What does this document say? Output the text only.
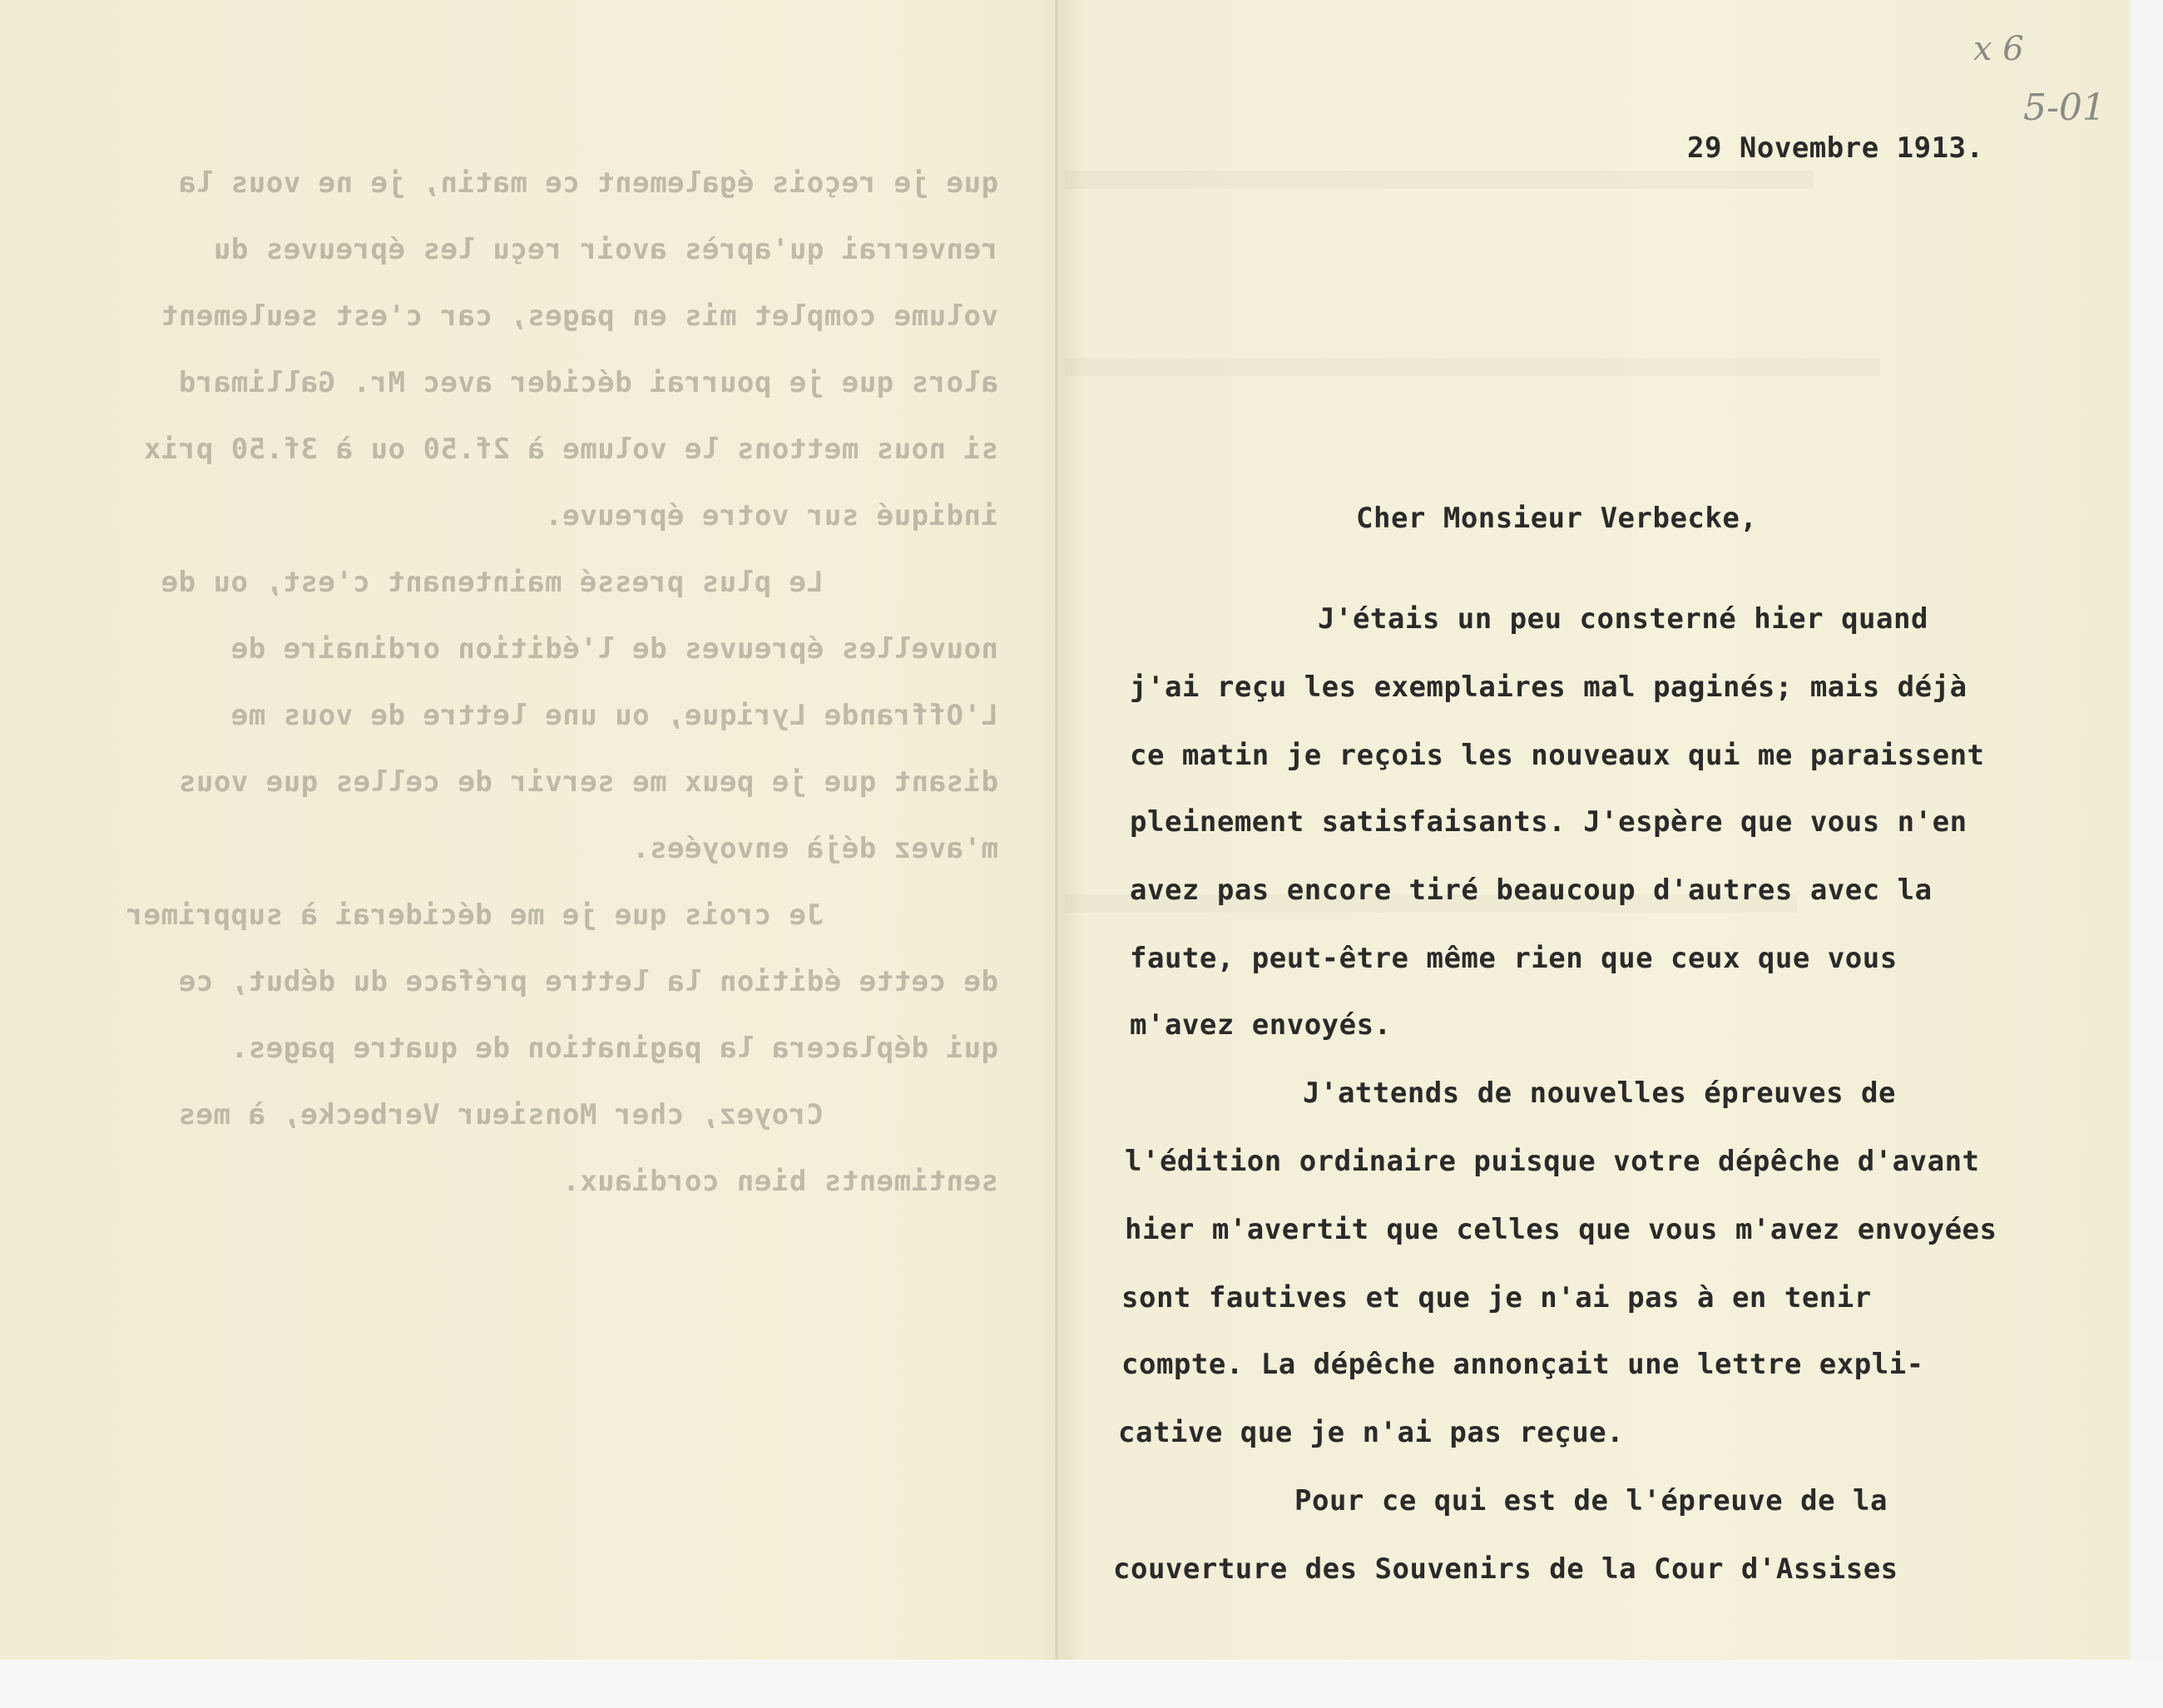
que je reçois également ce matin, je ne vous la
renverrai qu'après avoir reçu les épreuves du
volume complet mis en pages, car c'est seulement
alors que je pourrai décider avec Mr. Gallimard
si nous mettons le volume à 2f.50 ou à 3f.50 prix
indiqué sur votre épreuve.
Le plus pressé maintenant c'est, ou de
nouvelles épreuves de l'édition ordinaire de
L'Offrande Lyrique, ou une lettre de vous me
disant que je peux me servir de celles que vous
m'avez déjà envoyées.
Je crois que je me déciderai à supprimer
de cette édition la lettre préface du début, ce
qui déplacera la pagination de quatre pages.
Croyez, cher Monsieur Verbecke, à mes
sentiments bien cordiaux.
x 6
5-01
29 Novembre 1913.
Cher Monsieur Verbecke,
J'étais un peu consterné hier quand
j'ai reçu les exemplaires mal paginés; mais déjà
ce matin je reçois les nouveaux qui me paraissent
pleinement satisfaisants. J'espère que vous n'en
avez pas encore tiré beaucoup d'autres avec la
faute, peut-être même rien que ceux que vous
m'avez envoyés.
J'attends de nouvelles épreuves de
l'édition ordinaire puisque votre dépêche d'avant
hier m'avertit que celles que vous m'avez envoyées
sont fautives et que je n'ai pas à en tenir
compte. La dépêche annonçait une lettre expli-
cative que je n'ai pas reçue.
Pour ce qui est de l'épreuve de la
couverture des Souvenirs de la Cour d'Assises
